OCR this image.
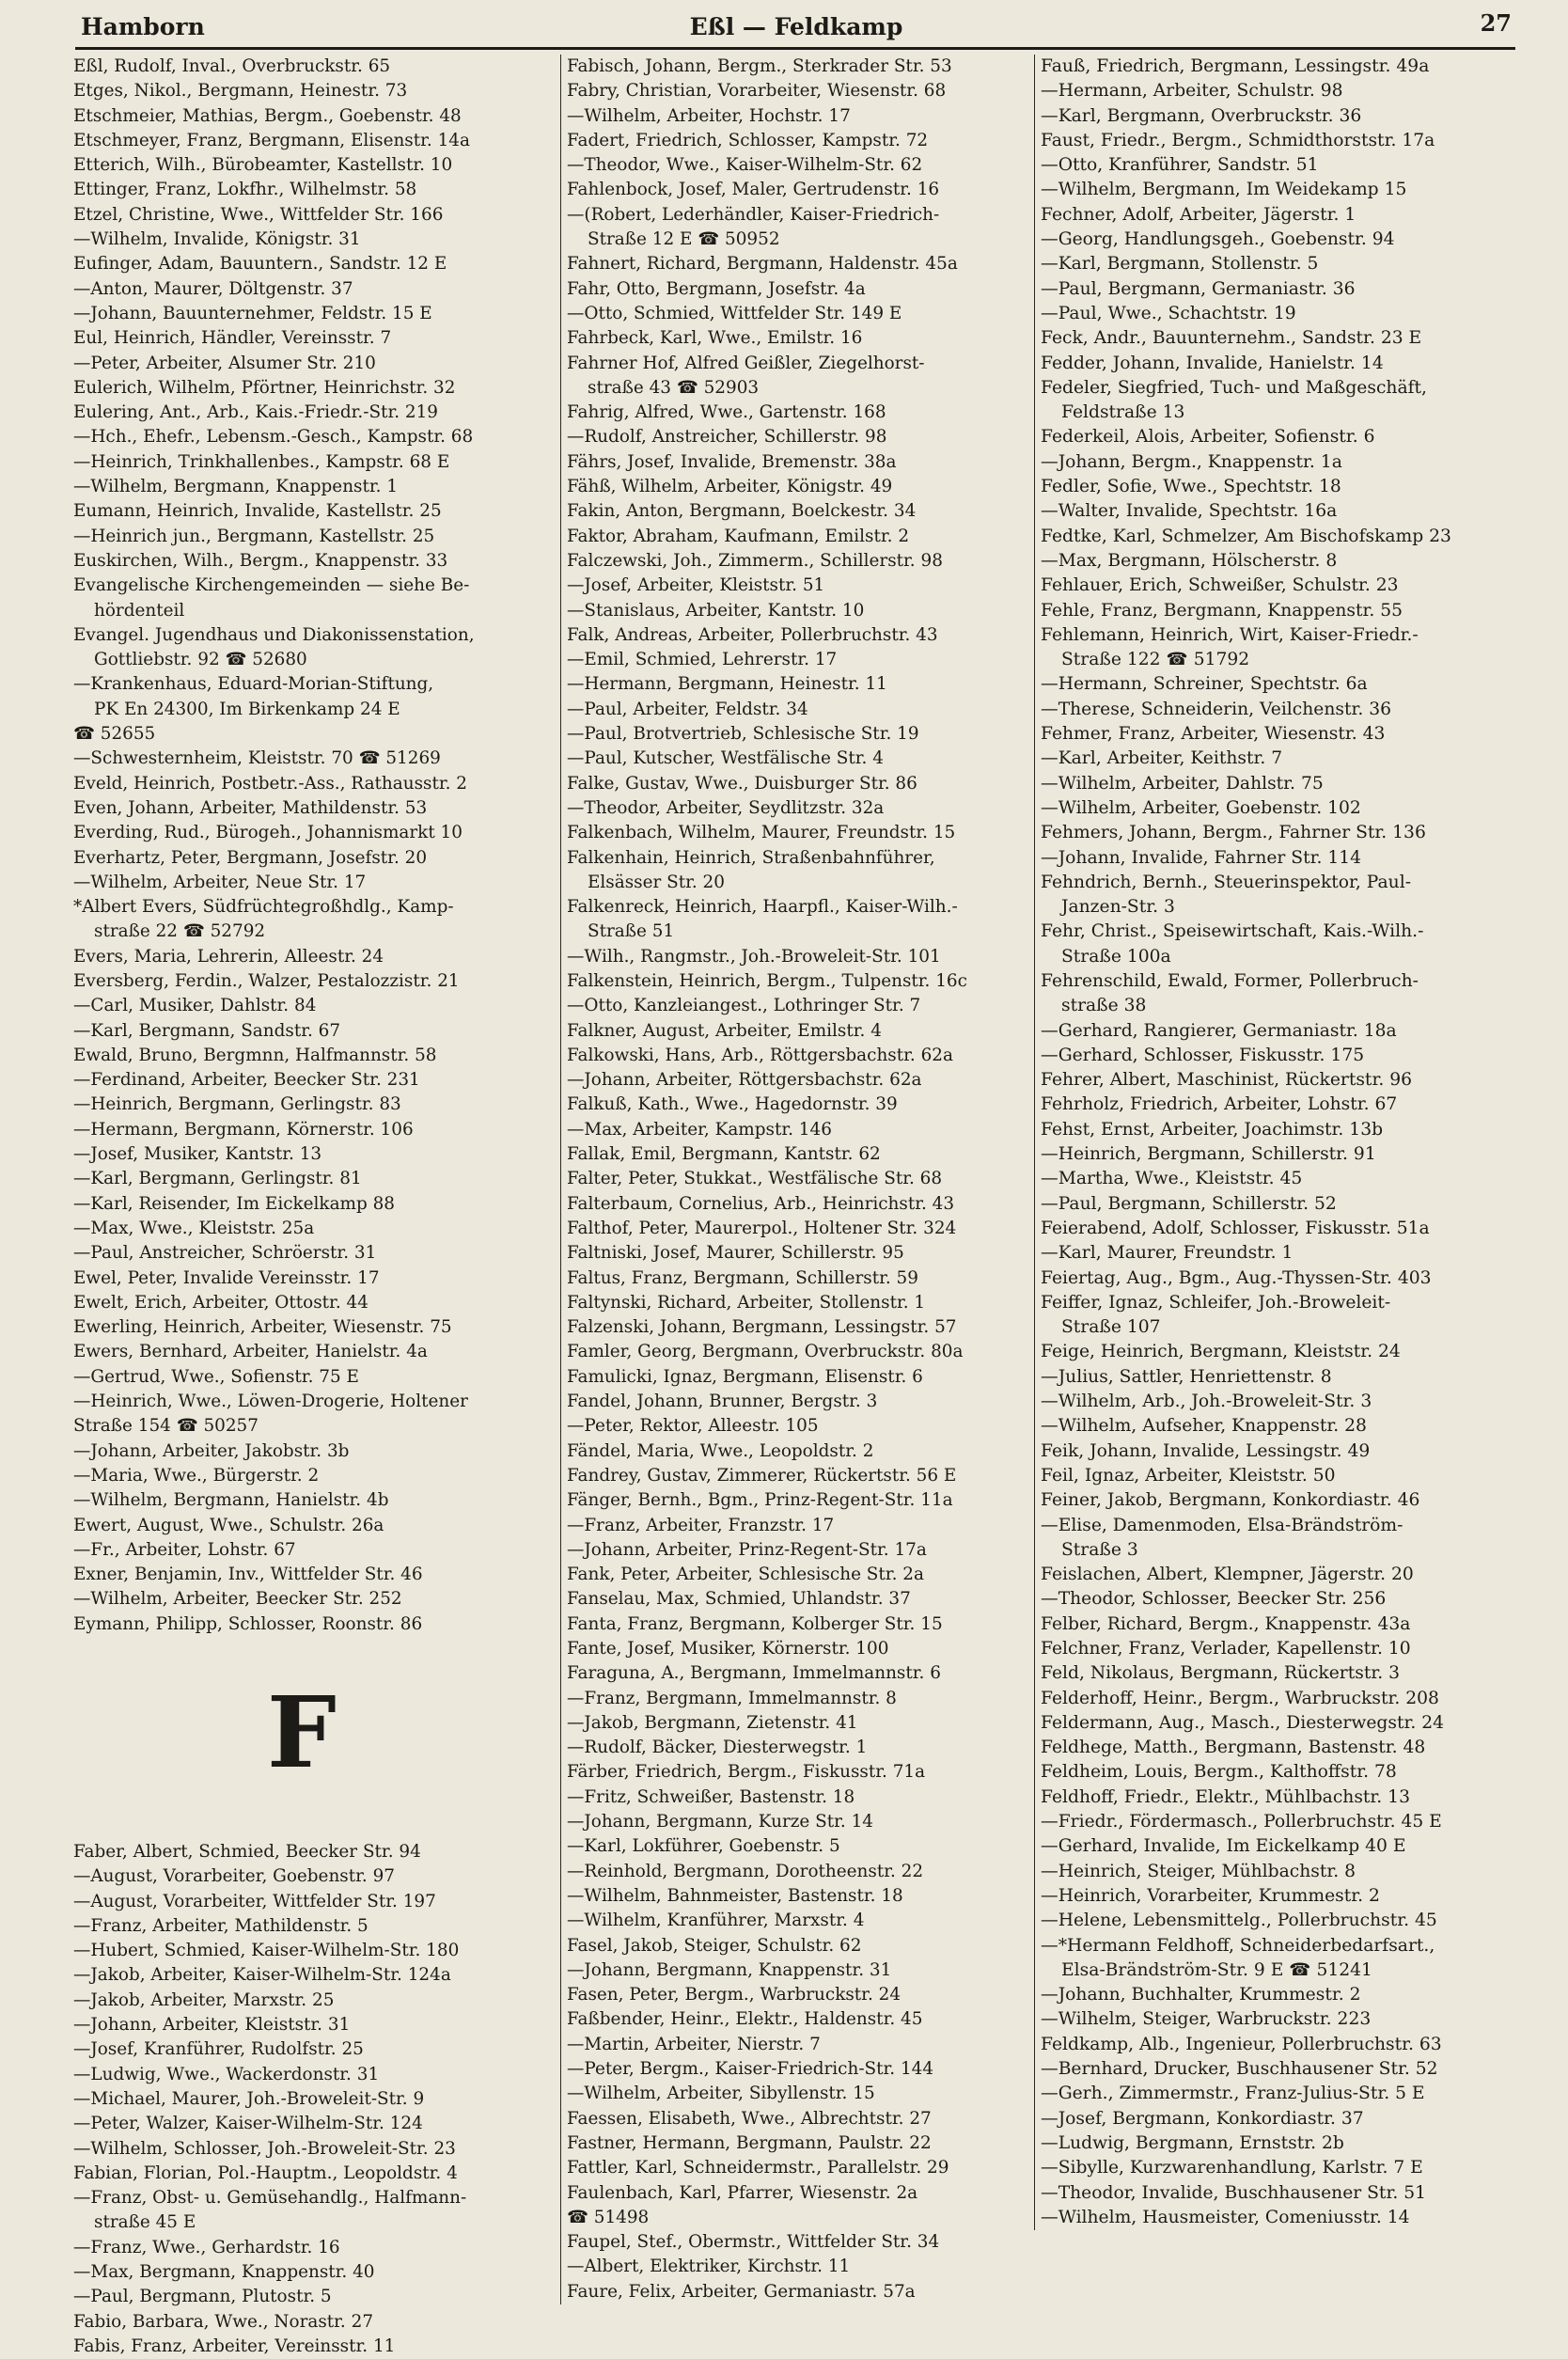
Hamborn	Eßl — Feldkamp	27
Eßl, Rudolf, Inval., Overbruckstr. 65
Etges, Nikol., Bergmann, Heinestr. 73
Etschmeier, Mathias, Bergm., Goebenstr. 48
Etschmeyer, Franz, Bergmann, Elisenstr. 14a
Etterich, Wilh., Bürobeamter, Kastellstr. 10
Ettinger, Franz, Lokfhr., Wilhelmstr. 58
Etzel, Christine, Wwe., Wittfelder Str. 166
—Wilhelm, Invalide, Königstr. 31
Eufinger, Adam, Bauuntern., Sandstr. 12 E
—Anton, Maurer, Döltgenstr. 37
—Johann, Bauunternehmer, Feldstr. 15 E
Eul, Heinrich, Händler, Vereinsstr. 7
—Peter, Arbeiter, Alsumer Str. 210
Eulerich, Wilhelm, Pförtner, Heinrichstr. 32
Eulering, Ant., Arb., Kais.-Friedr.-Str. 219
—Hch., Ehefr., Lebensm.-Gesch., Kampstr. 68
—Heinrich, Trinkhallenbes., Kampstr. 68 E
—Wilhelm, Bergmann, Knappenstr. 1
Eumann, Heinrich, Invalide, Kastellstr. 25
—Heinrich jun., Bergmann, Kastellstr. 25
Euskirchen, Wilh., Bergm., Knappenstr. 33
Evangelische Kirchengemeinden — siehe Be-
hördenteil
Evangel. Jugendhaus und Diakonissenstation,
Gottliebstr. 92 ☎ 52680
—Krankenhaus, Eduard-Morian-Stiftung,
PK En 24300, Im Birkenkamp 24 E
☎ 52655
—Schwesternheim, Kleiststr. 70 ☎ 51269
Eveld, Heinrich, Postbetr.-Ass., Rathausstr. 2
Even, Johann, Arbeiter, Mathildenstr. 53
Everding, Rud., Bürogeh., Johannismarkt 10
Everhartz, Peter, Bergmann, Josefstr. 20
—Wilhelm, Arbeiter, Neue Str. 17
*Albert Evers, Südfrüchtegroßhdlg., Kamp-
straße 22 ☎ 52792
Evers, Maria, Lehrerin, Alleestr. 24
Eversberg, Ferdin., Walzer, Pestalozzistr. 21
—Carl, Musiker, Dahlstr. 84
—Karl, Bergmann, Sandstr. 67
Ewald, Bruno, Bergmnn, Halfmannstr. 58
—Ferdinand, Arbeiter, Beecker Str. 231
—Heinrich, Bergmann, Gerlingstr. 83
—Hermann, Bergmann, Körnerstr. 106
—Josef, Musiker, Kantstr. 13
—Karl, Bergmann, Gerlingstr. 81
—Karl, Reisender, Im Eickelkamp 88
—Max, Wwe., Kleiststr. 25a
—Paul, Anstreicher, Schröerstr. 31
Ewel, Peter, Invalide Vereinsstr. 17
Ewelt, Erich, Arbeiter, Ottostr. 44
Ewerling, Heinrich, Arbeiter, Wiesenstr. 75
Ewers, Bernhard, Arbeiter, Hanielstr. 4a
—Gertrud, Wwe., Sofienstr. 75 E
—Heinrich, Wwe., Löwen-Drogerie, Holtener
Straße 154 ☎ 50257
—Johann, Arbeiter, Jakobstr. 3b
—Maria, Wwe., Bürgerstr. 2
—Wilhelm, Bergmann, Hanielstr. 4b
Ewert, August, Wwe., Schulstr. 26a
—Fr., Arbeiter, Lohstr. 67
Exner, Benjamin, Inv., Wittfelder Str. 46
—Wilhelm, Arbeiter, Beecker Str. 252
Eymann, Philipp, Schlosser, Roonstr. 86
F
Faber, Albert, Schmied, Beecker Str. 94
—August, Vorarbeiter, Goebenstr. 97
—August, Vorarbeiter, Wittfelder Str. 197
—Franz, Arbeiter, Mathildenstr. 5
—Hubert, Schmied, Kaiser-Wilhelm-Str. 180
—Jakob, Arbeiter, Kaiser-Wilhelm-Str. 124a
—Jakob, Arbeiter, Marxstr. 25
—Johann, Arbeiter, Kleiststr. 31
—Josef, Kranführer, Rudolfstr. 25
—Ludwig, Wwe., Wackerdonstr. 31
—Michael, Maurer, Joh.-Broweleit-Str. 9
—Peter, Walzer, Kaiser-Wilhelm-Str. 124
—Wilhelm, Schlosser, Joh.-Broweleit-Str. 23
Fabian, Florian, Pol.-Hauptm., Leopoldstr. 4
—Franz, Obst- u. Gemüsehandlg., Halfmann-
straße 45 E
—Franz, Wwe., Gerhardstr. 16
—Max, Bergmann, Knappenstr. 40
—Paul, Bergmann, Plutostr. 5
Fabio, Barbara, Wwe., Norastr. 27
Fabis, Franz, Arbeiter, Vereinsstr. 11
Fabisch, Johann, Bergm., Sterkrader Str. 53
Fabry, Christian, Vorarbeiter, Wiesenstr. 68
—Wilhelm, Arbeiter, Hochstr. 17
Fadert, Friedrich, Schlosser, Kampstr. 72
—Theodor, Wwe., Kaiser-Wilhelm-Str. 62
Fahlenbock, Josef, Maler, Gertrudenstr. 16
—(Robert, Lederhändler, Kaiser-Friedrich-
Straße 12 E ☎ 50952
Fahnert, Richard, Bergmann, Haldenstr. 45a
Fahr, Otto, Bergmann, Josefstr. 4a
—Otto, Schmied, Wittfelder Str. 149 E
Fahrbeck, Karl, Wwe., Emilstr. 16
Fahrner Hof, Alfred Geißler, Ziegelhorst-
straße 43 ☎ 52903
Fahrig, Alfred, Wwe., Gartenstr. 168
—Rudolf, Anstreicher, Schillerstr. 98
Fährs, Josef, Invalide, Bremenstr. 38a
Fähß, Wilhelm, Arbeiter, Königstr. 49
Fakin, Anton, Bergmann, Boelckestr. 34
Faktor, Abraham, Kaufmann, Emilstr. 2
Falczewski, Joh., Zimmerm., Schillerstr. 98
—Josef, Arbeiter, Kleiststr. 51
—Stanislaus, Arbeiter, Kantstr. 10
Falk, Andreas, Arbeiter, Pollerbruchstr. 43
—Emil, Schmied, Lehrerstr. 17
—Hermann, Bergmann, Heinestr. 11
—Paul, Arbeiter, Feldstr. 34
—Paul, Brotvertrieb, Schlesische Str. 19
—Paul, Kutscher, Westfälische Str. 4
Falke, Gustav, Wwe., Duisburger Str. 86
—Theodor, Arbeiter, Seydlitzstr. 32a
Falkenbach, Wilhelm, Maurer, Freundstr. 15
Falkenhain, Heinrich, Straßenbahnführer,
Elsässer Str. 20
Falkenreck, Heinrich, Haarpfl., Kaiser-Wilh.-
Straße 51
—Wilh., Rangmstr., Joh.-Broweleit-Str. 101
Falkenstein, Heinrich, Bergm., Tulpenstr. 16c
—Otto, Kanzleiangest., Lothringer Str. 7
Falkner, August, Arbeiter, Emilstr. 4
Falkowski, Hans, Arb., Röttgersbachstr. 62a
—Johann, Arbeiter, Röttgersbachstr. 62a
Falkuß, Kath., Wwe., Hagedornstr. 39
—Max, Arbeiter, Kampstr. 146
Fallak, Emil, Bergmann, Kantstr. 62
Falter, Peter, Stukkat., Westfälische Str. 68
Falterbaum, Cornelius, Arb., Heinrichstr. 43
Falthof, Peter, Maurerpol., Holtener Str. 324
Faltniski, Josef, Maurer, Schillerstr. 95
Faltus, Franz, Bergmann, Schillerstr. 59
Faltynski, Richard, Arbeiter, Stollenstr. 1
Falzenski, Johann, Bergmann, Lessingstr. 57
Famler, Georg, Bergmann, Overbruckstr. 80a
Famulicki, Ignaz, Bergmann, Elisenstr. 6
Fandel, Johann, Brunner, Bergstr. 3
—Peter, Rektor, Alleestr. 105
Fändel, Maria, Wwe., Leopoldstr. 2
Fandrey, Gustav, Zimmerer, Rückertstr. 56 E
Fänger, Bernh., Bgm., Prinz-Regent-Str. 11a
—Franz, Arbeiter, Franzstr. 17
—Johann, Arbeiter, Prinz-Regent-Str. 17a
Fank, Peter, Arbeiter, Schlesische Str. 2a
Fanselau, Max, Schmied, Uhlandstr. 37
Fanta, Franz, Bergmann, Kolberger Str. 15
Fante, Josef, Musiker, Körnerstr. 100
Faraguna, A., Bergmann, Immelmannstr. 6
—Franz, Bergmann, Immelmannstr. 8
—Jakob, Bergmann, Zietenstr. 41
—Rudolf, Bäcker, Diesterwegstr. 1
Färber, Friedrich, Bergm., Fiskusstr. 71a
—Fritz, Schweißer, Bastenstr. 18
—Johann, Bergmann, Kurze Str. 14
—Karl, Lokführer, Goebenstr. 5
—Reinhold, Bergmann, Dorotheenstr. 22
—Wilhelm, Bahnmeister, Bastenstr. 18
—Wilhelm, Kranführer, Marxstr. 4
Fasel, Jakob, Steiger, Schulstr. 62
—Johann, Bergmann, Knappenstr. 31
Fasen, Peter, Bergm., Warbruckstr. 24
Faßbender, Heinr., Elektr., Haldenstr. 45
—Martin, Arbeiter, Nierstr. 7
—Peter, Bergm., Kaiser-Friedrich-Str. 144
—Wilhelm, Arbeiter, Sibyllenstr. 15
Faessen, Elisabeth, Wwe., Albrechtstr. 27
Fastner, Hermann, Bergmann, Paulstr. 22
Fattler, Karl, Schneidermstr., Parallelstr. 29
Faulenbach, Karl, Pfarrer, Wiesenstr. 2a
☎ 51498
Faupel, Stef., Obermstr., Wittfelder Str. 34
—Albert, Elektriker, Kirchstr. 11
Faure, Felix, Arbeiter, Germaniastr. 57a
Fauß, Friedrich, Bergmann, Lessingstr. 49a
—Hermann, Arbeiter, Schulstr. 98
—Karl, Bergmann, Overbruckstr. 36
Faust, Friedr., Bergm., Schmidthorststr. 17a
—Otto, Kranführer, Sandstr. 51
—Wilhelm, Bergmann, Im Weidekamp 15
Fechner, Adolf, Arbeiter, Jägerstr. 1
—Georg, Handlungsgeh., Goebenstr. 94
—Karl, Bergmann, Stollenstr. 5
—Paul, Bergmann, Germaniastr. 36
—Paul, Wwe., Schachtstr. 19
Feck, Andr., Bauunternehm., Sandstr. 23 E
Fedder, Johann, Invalide, Hanielstr. 14
Fedeler, Siegfried, Tuch- und Maßgeschäft,
Feldstraße 13
Federkeil, Alois, Arbeiter, Sofienstr. 6
—Johann, Bergm., Knappenstr. 1a
Fedler, Sofie, Wwe., Spechtstr. 18
—Walter, Invalide, Spechtstr. 16a
Fedtke, Karl, Schmelzer, Am Bischofskamp 23
—Max, Bergmann, Hölscherstr. 8
Fehlauer, Erich, Schweißer, Schulstr. 23
Fehle, Franz, Bergmann, Knappenstr. 55
Fehlemann, Heinrich, Wirt, Kaiser-Friedr.-
Straße 122 ☎ 51792
—Hermann, Schreiner, Spechtstr. 6a
—Therese, Schneiderin, Veilchenstr. 36
Fehmer, Franz, Arbeiter, Wiesenstr. 43
—Karl, Arbeiter, Keithstr. 7
—Wilhelm, Arbeiter, Dahlstr. 75
—Wilhelm, Arbeiter, Goebenstr. 102
Fehmers, Johann, Bergm., Fahrner Str. 136
—Johann, Invalide, Fahrner Str. 114
Fehndrich, Bernh., Steuerinspektor, Paul-
Janzen-Str. 3
Fehr, Christ., Speisewirtschaft, Kais.-Wilh.-
Straße 100a
Fehrenschild, Ewald, Former, Pollerbruch-
straße 38
—Gerhard, Rangierer, Germaniastr. 18a
—Gerhard, Schlosser, Fiskusstr. 175
Fehrer, Albert, Maschinist, Rückertstr. 96
Fehrholz, Friedrich, Arbeiter, Lohstr. 67
Fehst, Ernst, Arbeiter, Joachimstr. 13b
—Heinrich, Bergmann, Schillerstr. 91
—Martha, Wwe., Kleiststr. 45
—Paul, Bergmann, Schillerstr. 52
Feierabend, Adolf, Schlosser, Fiskusstr. 51a
—Karl, Maurer, Freundstr. 1
Feiertag, Aug., Bgm., Aug.-Thyssen-Str. 403
Feiffer, Ignaz, Schleifer, Joh.-Broweleit-
Straße 107
Feige, Heinrich, Bergmann, Kleiststr. 24
—Julius, Sattler, Henriettenstr. 8
—Wilhelm, Arb., Joh.-Broweleit-Str. 3
—Wilhelm, Aufseher, Knappenstr. 28
Feik, Johann, Invalide, Lessingstr. 49
Feil, Ignaz, Arbeiter, Kleiststr. 50
Feiner, Jakob, Bergmann, Konkordiastr. 46
—Elise, Damenmoden, Elsa-Brändström-
Straße 3
Feislachen, Albert, Klempner, Jägerstr. 20
—Theodor, Schlosser, Beecker Str. 256
Felber, Richard, Bergm., Knappenstr. 43a
Felchner, Franz, Verlader, Kapellenstr. 10
Feld, Nikolaus, Bergmann, Rückertstr. 3
Felderhoff, Heinr., Bergm., Warbruckstr. 208
Feldermann, Aug., Masch., Diesterwegstr. 24
Feldhege, Matth., Bergmann, Bastenstr. 48
Feldheim, Louis, Bergm., Kalthoffstr. 78
Feldhoff, Friedr., Elektr., Mühlbachstr. 13
—Friedr., Fördermasch., Pollerbruchstr. 45 E
—Gerhard, Invalide, Im Eickelkamp 40 E
—Heinrich, Steiger, Mühlbachstr. 8
—Heinrich, Vorarbeiter, Krummestr. 2
—Helene, Lebensmittelg., Pollerbruchstr. 45
—*Hermann Feldhoff, Schneiderbedarfsart.,
Elsa-Brändström-Str. 9 E ☎ 51241
—Johann, Buchhalter, Krummestr. 2
—Wilhelm, Steiger, Warbruckstr. 223
Feldkamp, Alb., Ingenieur, Pollerbruchstr. 63
—Bernhard, Drucker, Buschhausener Str. 52
—Gerh., Zimmermstr., Franz-Julius-Str. 5 E
—Josef, Bergmann, Konkordiastr. 37
—Ludwig, Bergmann, Ernststr. 2b
—Sibylle, Kurzwarenhandlung, Karlstr. 7 E
—Theodor, Invalide, Buschhausener Str. 51
—Wilhelm, Hausmeister, Comeniusstr. 14
